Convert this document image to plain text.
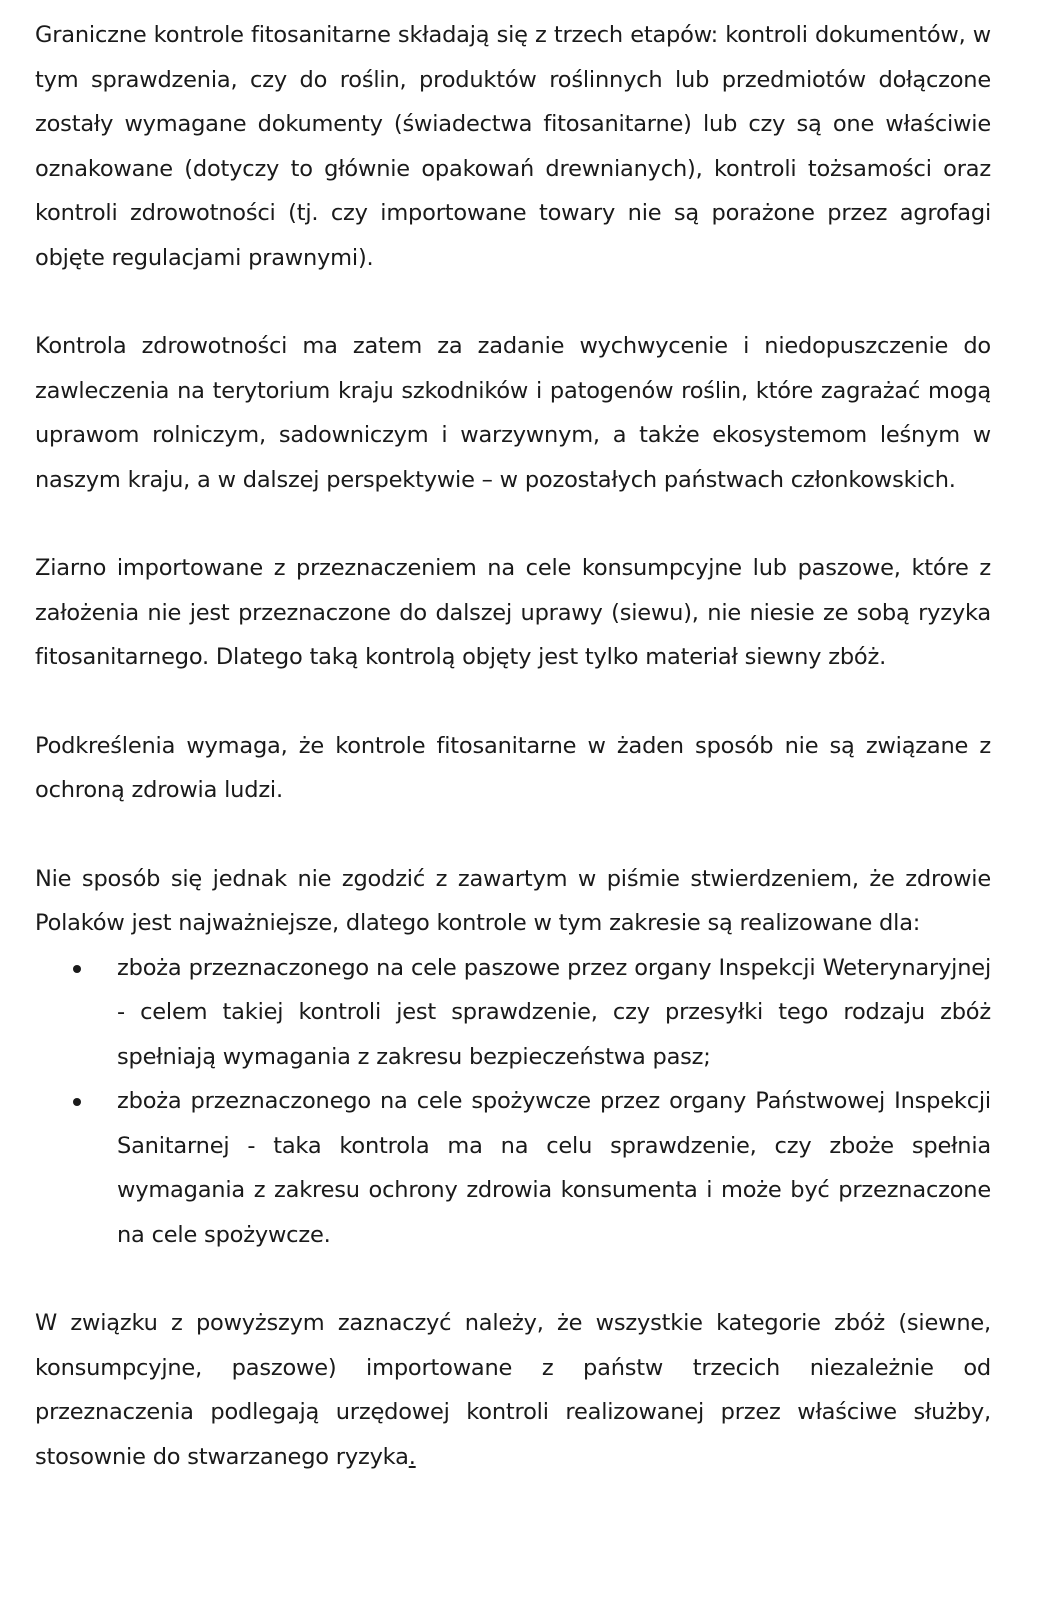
Graniczne kontrole fitosanitarne składają się z trzech etapów: kontroli dokumentów, w tym sprawdzenia, czy do roślin, produktów roślinnych lub przedmiotów dołączone zostały wymagane dokumenty (świadectwa fitosanitarne) lub czy są one właściwie oznakowane (dotyczy to głównie opakowań drewnianych), kontroli tożsamości oraz kontroli zdrowotności (tj. czy importowane towary nie są porażone przez agrofagi objęte regulacjami prawnymi).

Kontrola zdrowotności ma zatem za zadanie wychwycenie i niedopuszczenie do zawleczenia na terytorium kraju szkodników i patogenów roślin, które zagrażać mogą uprawom rolniczym, sadowniczym i warzywnym, a także ekosystemom leśnym w naszym kraju, a w dalszej perspektywie – w pozostałych państwach członkowskich.

Ziarno importowane z przeznaczeniem na cele konsumpcyjne lub paszowe, które z założenia nie jest przeznaczone do dalszej uprawy (siewu), nie niesie ze sobą ryzyka fitosanitarnego. Dlatego taką kontrolą objęty jest tylko materiał siewny zbóż.

Podkreślenia wymaga, że kontrole fitosanitarne w żaden sposób nie są związane z ochroną zdrowia ludzi.

Nie sposób się jednak nie zgodzić z zawartym w piśmie stwierdzeniem, że zdrowie Polaków jest najważniejsze, dlatego kontrole w tym zakresie są realizowane dla:

zboża przeznaczonego na cele paszowe przez organy Inspekcji Weterynaryjnej - celem takiej kontroli jest sprawdzenie, czy przesyłki tego rodzaju zbóż spełniają wymagania z zakresu bezpieczeństwa pasz;
zboża przeznaczonego na cele spożywcze przez organy Państwowej Inspekcji Sanitarnej - taka kontrola ma na celu sprawdzenie, czy zboże spełnia wymagania z zakresu ochrony zdrowia konsumenta i może być przeznaczone na cele spożywcze.

W związku z powyższym zaznaczyć należy, że wszystkie kategorie zbóż (siewne, konsumpcyjne, paszowe) importowane z państw trzecich niezależnie od przeznaczenia podlegają urzędowej kontroli realizowanej przez właściwe służby, stosownie do stwarzanego ryzyka.
